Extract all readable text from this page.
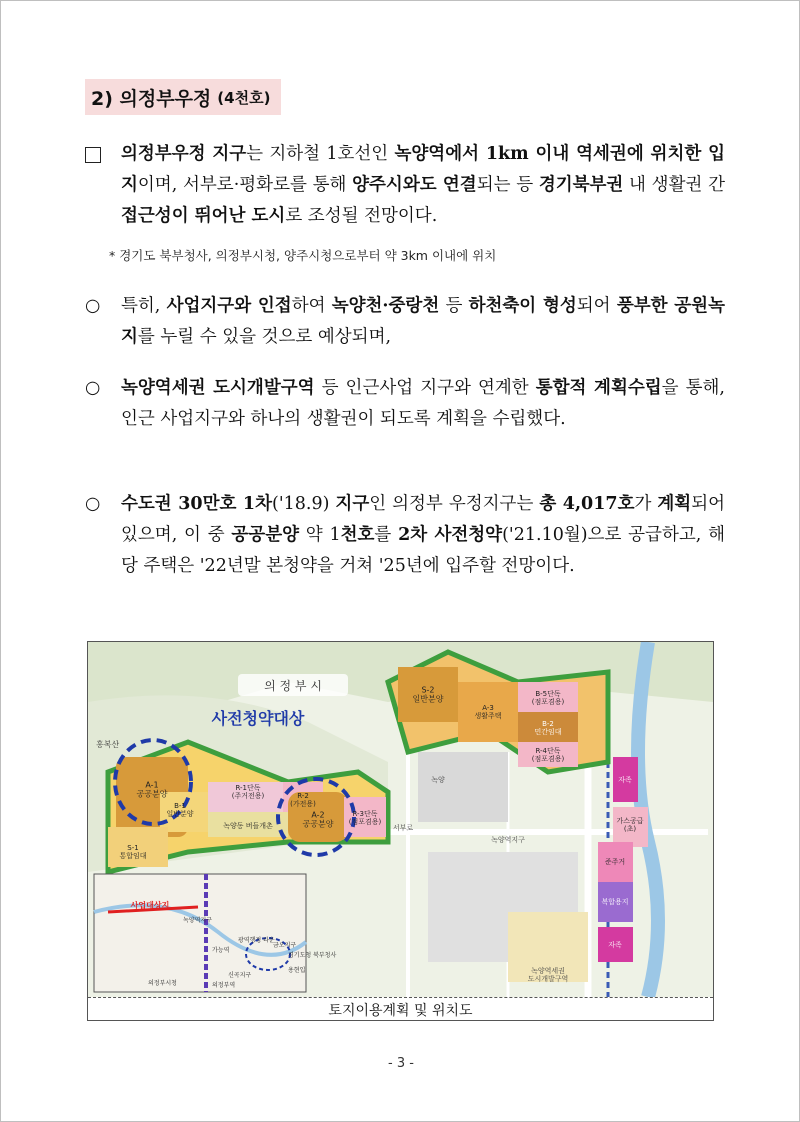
2) 의정부우정 (4천호)
의정부우정 지구는 지하철 1호선인 녹양역에서 1km 이내 역세권에 위치한 입지이며, 서부로·평화로를 통해 양주시와도 연결되는 등 경기북부권 내 생활권 간 접근성이 뛰어난 도시로 조성될 전망이다.
* 경기도 북부청사, 의정부시청, 양주시청으로부터 약 3km 이내에 위치
○	특히, 사업지구와 인접하여 녹양천·중랑천 등 하천축이 형성되어 풍부한 공원녹지를 누릴 수 있을 것으로 예상되며,
○	녹양역세권 도시개발구역 등 인근사업 지구와 연계한 통합적 계획수립을 통해, 인근 사업지구와 하나의 생활권이 되도록 계획을 수립했다.
○	수도권 30만호 1차('18.9) 지구인 의정부 우정지구는 총 4,017호가 계획되어 있으며, 이 중 공공분양 약 1천호를 2차 사전청약('21.10월)으로 공급하고, 해당 주택은 '22년말 본청약을 거쳐 '25년에 입주할 전망이다.
의 정 부 시
사전청약대상
홍복산
A-1 공공분양
B-1 일반분양
R-1단독 (주거전용)
녹양동 버들개촌
R-2 (가전용)
A-2 공공분양
R-3단독 (점포겸용)
S-1 통합임대
S-2 일반분양
A-3 생활주택
B-5단독 (점포겸용)
B-2 민간임대
R-4단독 (점포겸용)
자족
가스공급 (초)
준주거
복합용지
자족
녹양
서부로
녹양역지구
녹양역세권 도시개발구역
사업대상지
녹양역지구
의정부시청
경기도청 북부청사
신곡지구
용현입
가능역
의정부역
광역행정 타운
금오지구
토지이용계획 및 위치도
- 3 -
